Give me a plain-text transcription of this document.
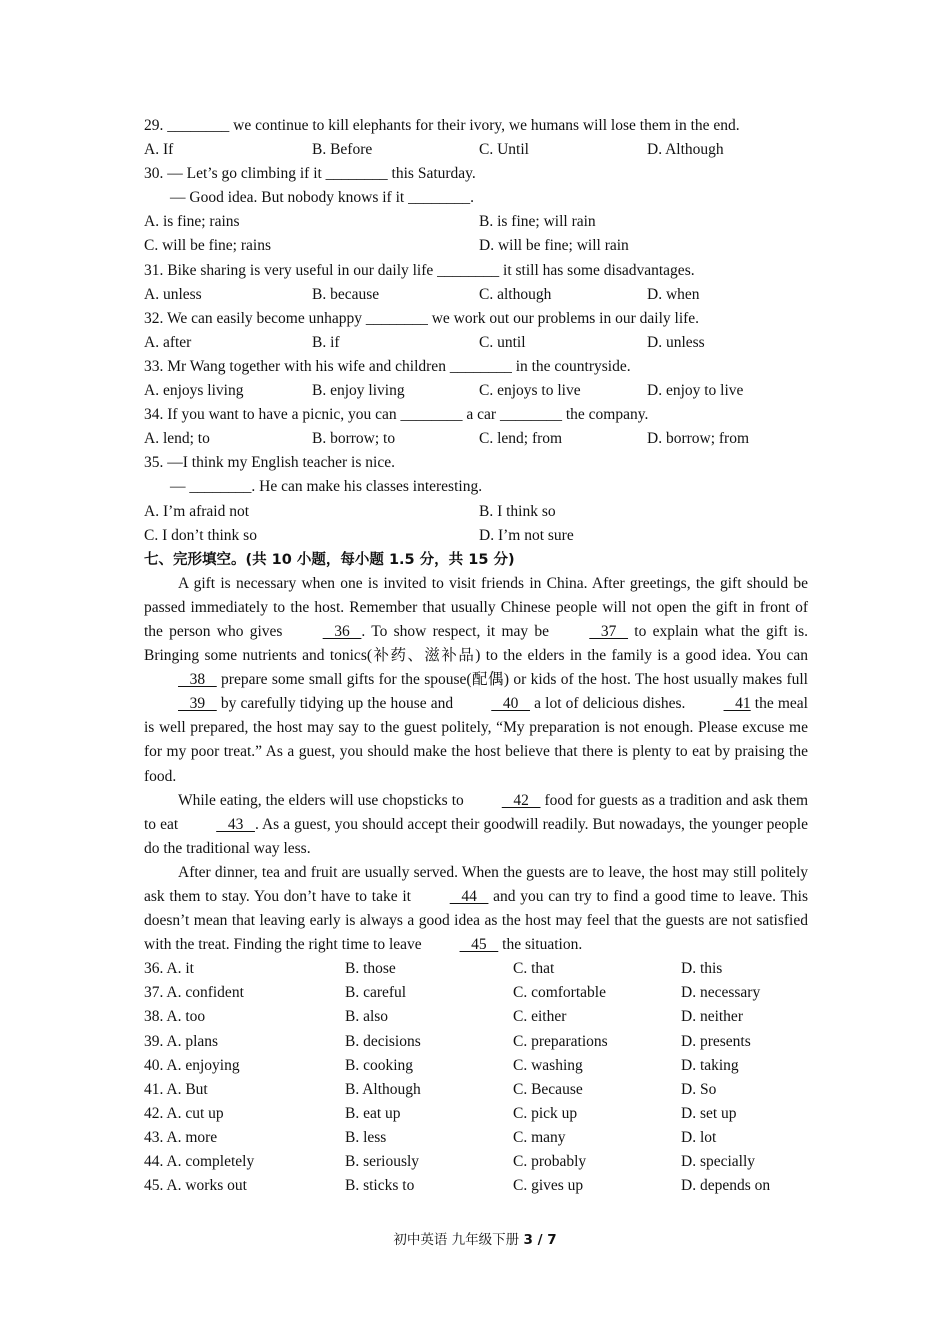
29. ________ we continue to kill elephants for their ivory, we humans will lose them in the end.
A. If	B. Before	C. Until	D. Although
30. — Let’s go climbing if it ________ this Saturday.
— Good idea. But nobody knows if it ________.
A. is fine; rains	B. is fine; will rain
C. will be fine; rains	D. will be fine; will rain
31. Bike sharing is very useful in our daily life ________ it still has some disadvantages.
A. unless	B. because	C. although	D. when
32. We can easily become unhappy ________ we work out our problems in our daily life.
A. after	B. if	C. until	D. unless
33. Mr Wang together with his wife and children ________ in the countryside.
A. enjoys living	B. enjoy living	C. enjoys to live	D. enjoy to live
34. If you want to have a picnic, you can ________ a car ________ the company.
A. lend; to	B. borrow; to	C. lend; from	D. borrow; from
35. —I think my English teacher is nice.
— ________. He can make his classes interesting.
A. I’m afraid not	B. I think so
C. I don’t think so	D. I’m not sure
七、完形填空。(共 10 小题，每小题 1.5 分，共 15 分)

A gift is necessary when one is invited to visit friends in China. After greetings, the gift should be passed immediately to the host. Remember that usually Chinese people will not open the gift in front of the person who gives    36   . To show respect, it may be    37    to explain what the gift is. Bringing some nutrients and tonics(补药、滋补品) to the elders in the family is a good idea. You can    38    prepare some small gifts for the spouse(配偶) or kids of the host. The host usually makes full    39    by carefully tidying up the house and    40    a lot of delicious dishes.    41 the meal is well prepared, the host may say to the guest politely, “My preparation is not enough. Please excuse me for my poor treat.” As a guest, you should make the host believe that there is plenty to eat by praising the food.

While eating, the elders will use chopsticks to    42    food for guests as a tradition and ask them to eat    43   . As a guest, you should accept their goodwill readily. But nowadays, the younger people do the traditional way less.

After dinner, tea and fruit are usually served. When the guests are to leave, the host may still politely ask them to stay. You don’t have to take it    44    and you can try to find a good time to leave. This doesn’t mean that leaving early is always a good idea as the host may feel that the guests are not satisfied with the treat. Finding the right time to leave    45    the situation.

36. A. it	B. those	C. that	D. this
37. A. confident	B. careful	C. comfortable	D. necessary
38. A. too	B. also	C. either	D. neither
39. A. plans	B. decisions	C. preparations	D. presents
40. A. enjoying	B. cooking	C. washing	D. taking
41. A. But	B. Although	C. Because	D. So
42. A. cut up	B. eat up	C. pick up	D. set up
43. A. more	B. less	C. many	D. lot
44. A. completely	B. seriously	C. probably	D. specially
45. A. works out	B. sticks to	C. gives up	D. depends on
初中英语 九年级下册 3 / 7
